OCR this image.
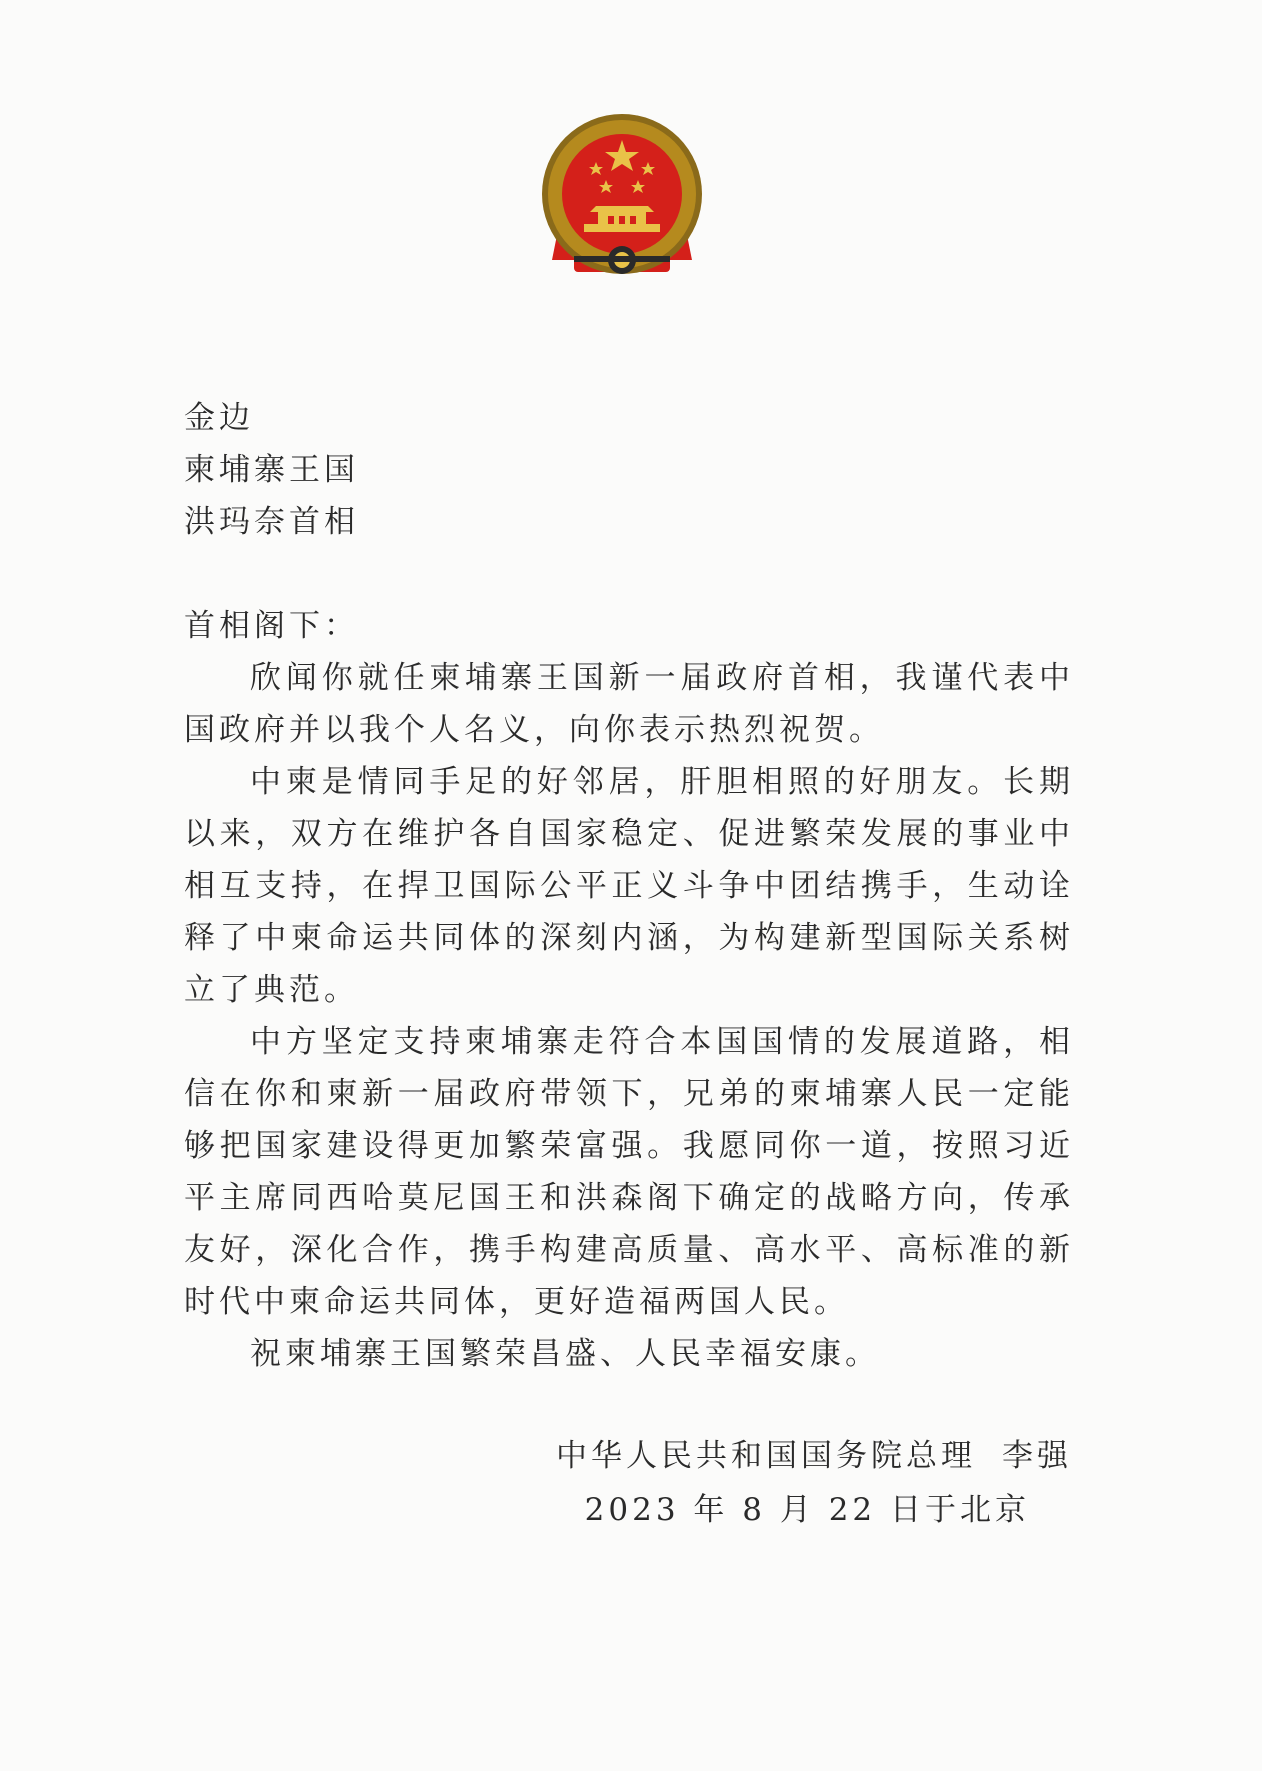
金边
柬埔寨王国
洪玛奈首相
首相阁下：

欣闻你就任柬埔寨王国新一届政府首相，我谨代表中国政府并以我个人名义，向你表示热烈祝贺。

中柬是情同手足的好邻居，肝胆相照的好朋友。长期以来，双方在维护各自国家稳定、促进繁荣发展的事业中相互支持，在捍卫国际公平正义斗争中团结携手，生动诠释了中柬命运共同体的深刻内涵，为构建新型国际关系树立了典范。

中方坚定支持柬埔寨走符合本国国情的发展道路，相信在你和柬新一届政府带领下，兄弟的柬埔寨人民一定能够把国家建设得更加繁荣富强。我愿同你一道，按照习近平主席同西哈莫尼国王和洪森阁下确定的战略方向，传承友好，深化合作，携手构建高质量、高水平、高标准的新时代中柬命运共同体，更好造福两国人民。

祝柬埔寨王国繁荣昌盛、人民幸福安康。

中华人民共和国国务院总理 李强
2023 年 8 月 22 日于北京
